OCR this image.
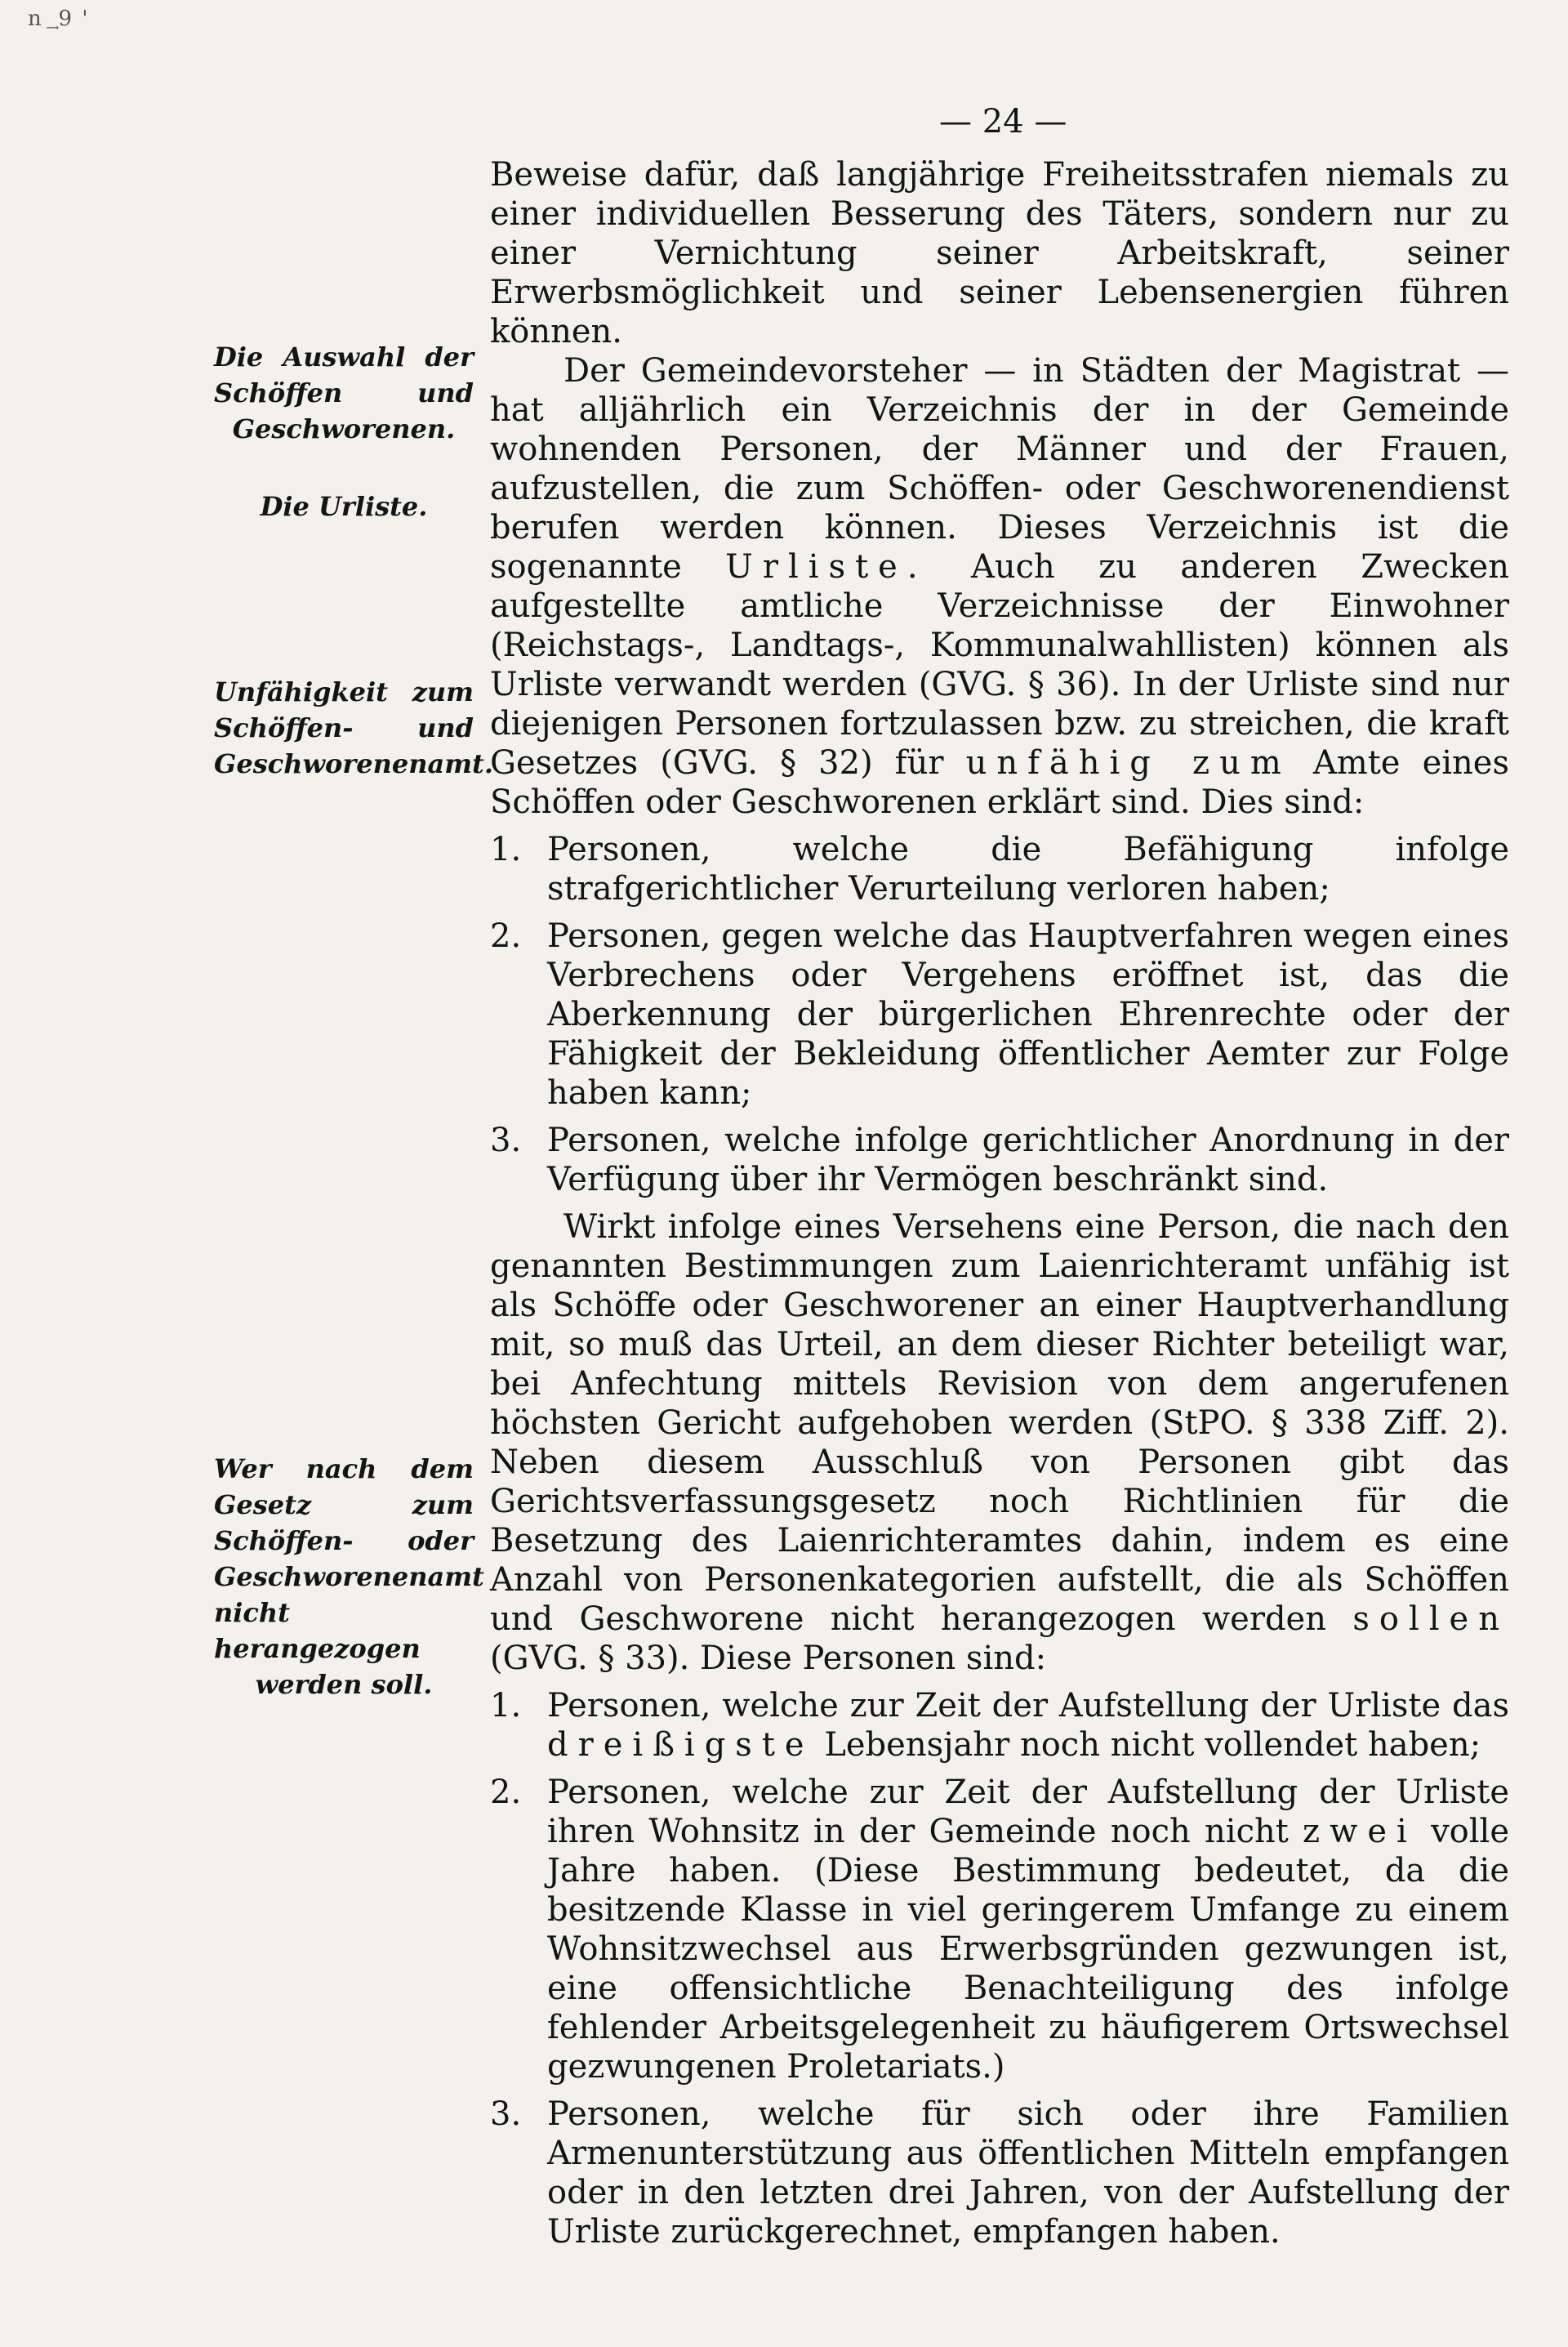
n ͢ 9 '
— 24 —
Die Auswahl der Schöffen und Geschworenen.
Die Urliste.
Unfähigkeit zum Schöffen- und Geschworenenamt.
Wer nach dem Gesetz zum Schöffen- oder Geschworenenamt nicht herangezogen werden soll.

Beweise dafür, daß langjährige Freiheitsstrafen niemals zu einer individuellen Besserung des Täters, sondern nur zu einer Vernichtung seiner Arbeitskraft, seiner Erwerbsmöglichkeit und seiner Lebensenergien führen können.

Der Gemeindevorsteher — in Städten der Magistrat — hat alljährlich ein Verzeichnis der in der Gemeinde wohnenden Personen, der Männer und der Frauen, aufzustellen, die zum Schöffen- oder Geschworenendienst berufen werden können. Dieses Verzeichnis ist die sogenannte Urliste. Auch zu anderen Zwecken aufgestellte amtliche Verzeichnisse der Einwohner (Reichstags-, Landtags-, Kommunalwahllisten) können als Urliste verwandt werden (GVG. § 36). In der Urliste sind nur diejenigen Personen fortzulassen bzw. zu streichen, die kraft Gesetzes (GVG. § 32) für unfähig zum Amte eines Schöffen oder Geschworenen erklärt sind. Dies sind:

1. Personen, welche die Befähigung infolge strafgerichtlicher Verurteilung verloren haben;
2. Personen, gegen welche das Hauptverfahren wegen eines Verbrechens oder Vergehens eröffnet ist, das die Aberkennung der bürgerlichen Ehrenrechte oder der Fähigkeit der Bekleidung öffentlicher Aemter zur Folge haben kann;
3. Personen, welche infolge gerichtlicher Anordnung in der Verfügung über ihr Vermögen beschränkt sind.

Wirkt infolge eines Versehens eine Person, die nach den genannten Bestimmungen zum Laienrichteramt unfähig ist als Schöffe oder Geschworener an einer Hauptverhandlung mit, so muß das Urteil, an dem dieser Richter beteiligt war, bei Anfechtung mittels Revision von dem angerufenen höchsten Gericht aufgehoben werden (StPO. § 338 Ziff. 2). Neben diesem Ausschluß von Personen gibt das Gerichtsverfassungsgesetz noch Richtlinien für die Besetzung des Laienrichteramtes dahin, indem es eine Anzahl von Personenkategorien aufstellt, die als Schöffen und Geschworene nicht herangezogen werden sollen (GVG. § 33). Diese Personen sind:

1. Personen, welche zur Zeit der Aufstellung der Urliste das dreißigste Lebensjahr noch nicht vollendet haben;
2. Personen, welche zur Zeit der Aufstellung der Urliste ihren Wohnsitz in der Gemeinde noch nicht zwei volle Jahre haben. (Diese Bestimmung bedeutet, da die besitzende Klasse in viel geringerem Umfange zu einem Wohnsitzwechsel aus Erwerbsgründen gezwungen ist, eine offensichtliche Benachteiligung des infolge fehlender Arbeitsgelegenheit zu häufigerem Ortswechsel gezwungenen Proletariats.)
3. Personen, welche für sich oder ihre Familien Armenunterstützung aus öffentlichen Mitteln empfangen oder in den letzten drei Jahren, von der Aufstellung der Urliste zurückgerechnet, empfangen haben.
